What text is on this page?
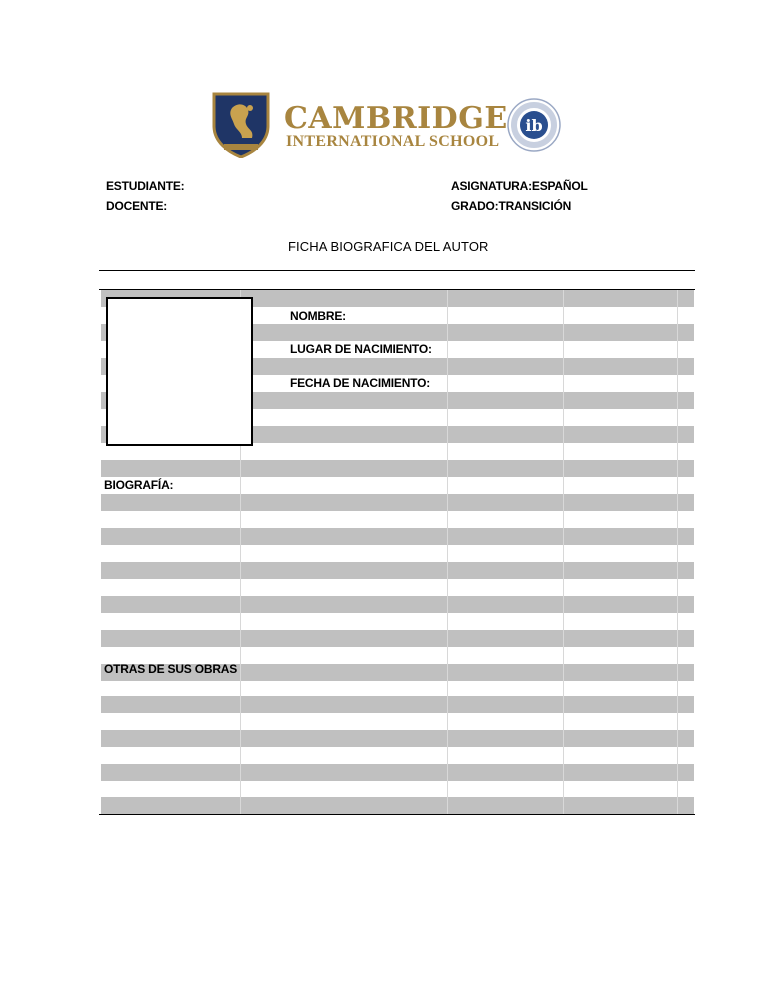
CAMBRIDGE
INTERNATIONAL SCHOOL
ib
ESTUDIANTE:
DOCENTE:
ASIGNATURA:ESPAÑOL
GRADO:TRANSICIÓN
FICHA BIOGRAFICA DEL AUTOR
NOMBRE:
LUGAR DE NACIMIENTO:
FECHA DE NACIMIENTO:
BIOGRAFÍA:
OTRAS DE SUS OBRAS
